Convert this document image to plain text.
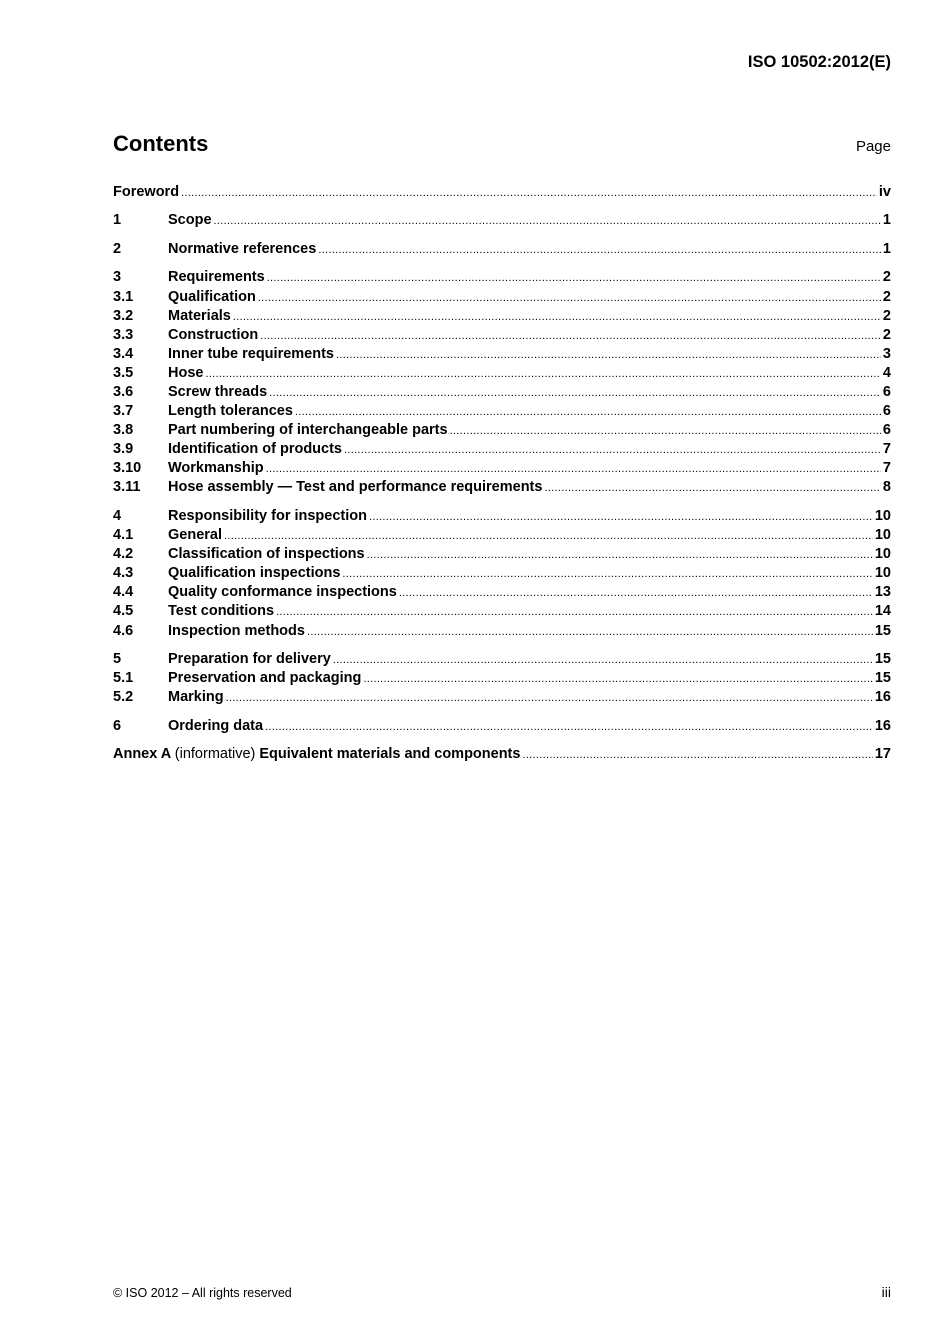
ISO 10502:2012(E)
Contents	Page
Foreword .....	iv
1	Scope .....	1
2	Normative references .....	1
3	Requirements .....	2
3.1	Qualification .....	2
3.2	Materials .....	2
3.3	Construction .....	2
3.4	Inner tube requirements .....	3
3.5	Hose .....	4
3.6	Screw threads .....	6
3.7	Length tolerances .....	6
3.8	Part numbering of interchangeable parts .....	6
3.9	Identification of products .....	7
3.10	Workmanship .....	7
3.11	Hose assembly — Test and performance requirements .....	8
4	Responsibility for inspection .....	10
4.1	General .....	10
4.2	Classification of inspections .....	10
4.3	Qualification inspections .....	10
4.4	Quality conformance inspections .....	13
4.5	Test conditions .....	14
4.6	Inspection methods .....	15
5	Preparation for delivery .....	15
5.1	Preservation and packaging .....	15
5.2	Marking .....	16
6	Ordering data .....	16
Annex A (informative) Equivalent materials and components .....	17
© ISO 2012 – All rights reserved	iii
